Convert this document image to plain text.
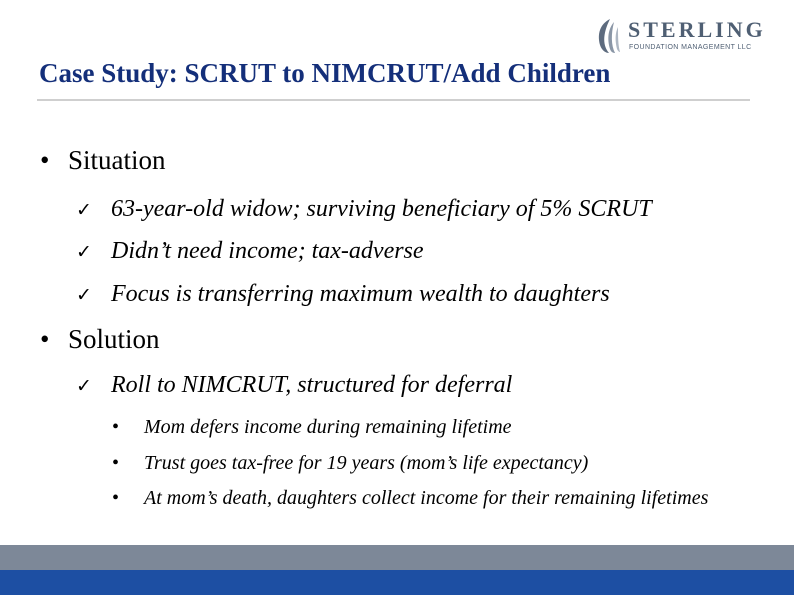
STERLING
FOUNDATION MANAGEMENT LLC
Case Study: SCRUT to NIMCRUT/Add Children
• Situation
✓ 63-year-old widow; surviving beneficiary of 5% SCRUT
✓ Didn’t need income; tax-adverse
✓ Focus is transferring maximum wealth to daughters
• Solution
✓ Roll to NIMCRUT, structured for deferral
• Mom defers income during remaining lifetime
• Trust goes tax-free for 19 years (mom’s life expectancy)
• At mom’s death, daughters collect income for their remaining lifetimes
